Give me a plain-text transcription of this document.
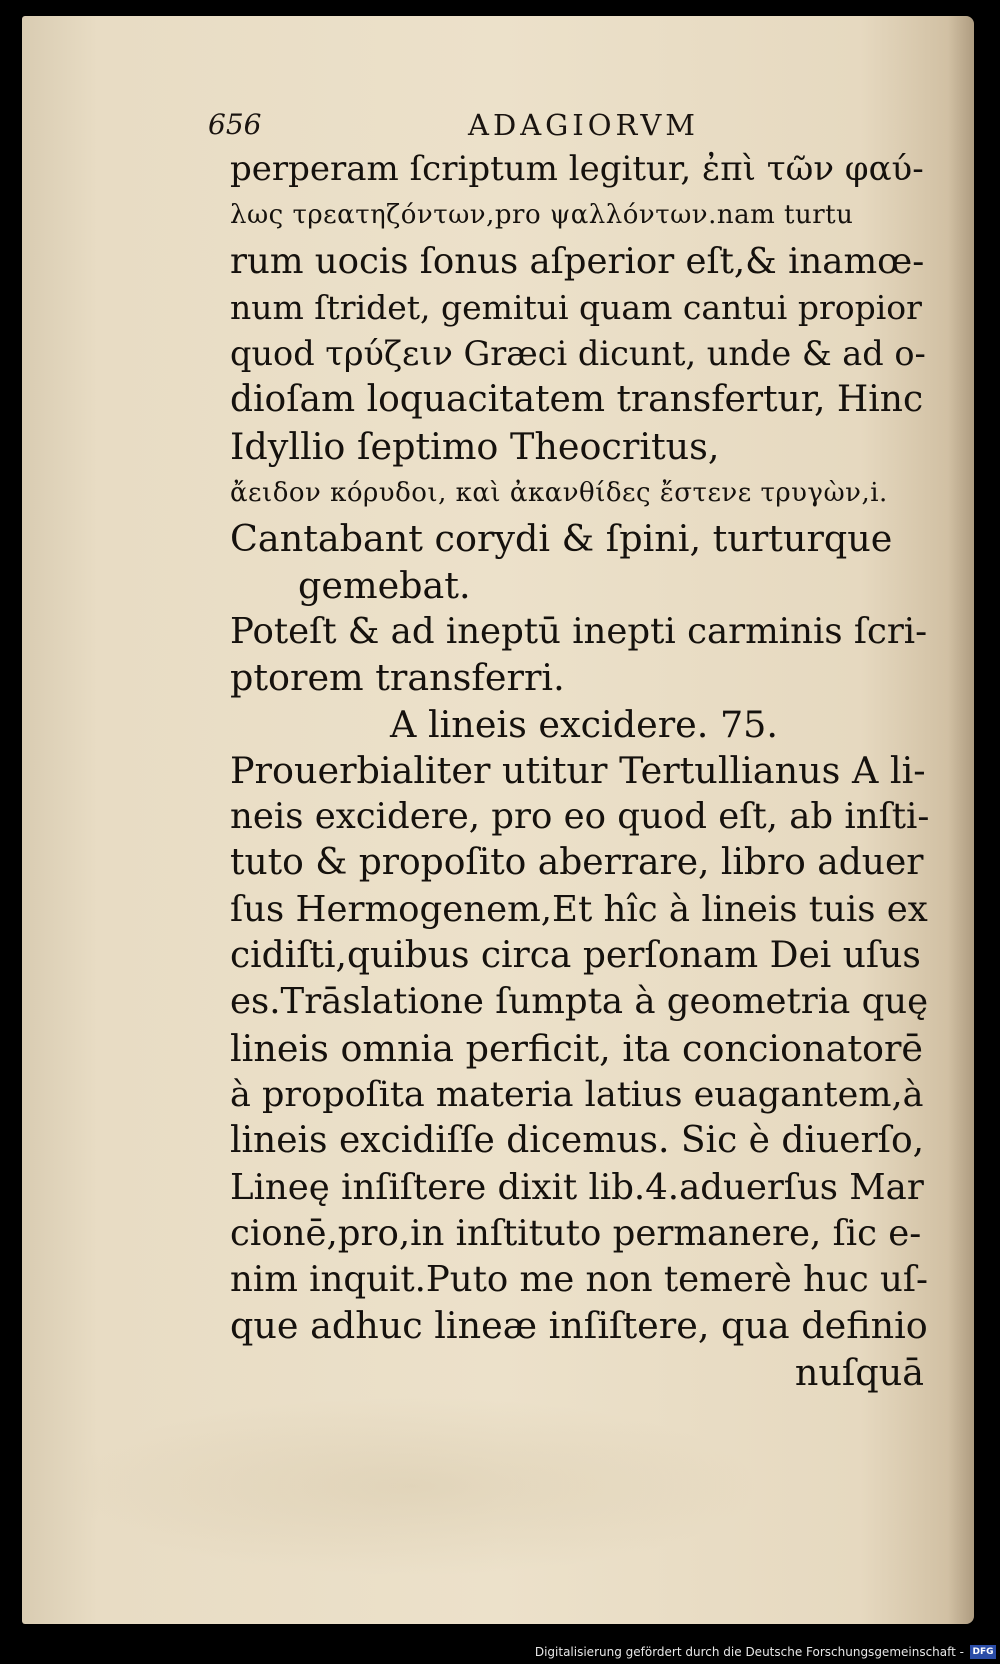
656	ADAGIORVM
perperam ſcriptum legitur, ἐπὶ τῶν φαύ-
λως τρεατηζόντων,pro ψαλλόντων.nam turtu
rum uocis ſonus aſperior eſt,& inamœ-
num ſtridet, gemitui quam cantui propior
quod τρύζειν Græci dicunt, unde & ad o-
dioſam loquacitatem transfertur, Hinc
Idyllio ſeptimo Theocritus,
ἄειδον κόρυδοι, καὶ ἀκανθίδες ἔστενε τρυγὼν,i.
Cantabant corydi & ſpini, turturque
gemebat.
Poteſt & ad ineptū inepti carminis ſcri-
ptorem transferri.
A lineis excidere. 75.
Prouerbialiter utitur Tertullianus A li-
neis excidere, pro eo quod eſt, ab inſti-
tuto & propoſito aberrare, libro aduer
ſus Hermogenem,Et hîc à lineis tuis ex
cidiſti,quibus circa perſonam Dei uſus
es.Trāslatione ſumpta à geometria quę
lineis omnia perficit, ita concionatorē
à propoſita materia latius euagantem,à
lineis excidiſſe dicemus. Sic è diuerſo,
Lineę inſiſtere dixit lib.4.aduerſus Mar
cionē,pro,in inſtituto permanere, ſic e-
nim inquit.Puto me non temerè huc uſ-
que adhuc lineæ inſiſtere, qua definio
nuſquā
Digitalisierung gefördert durch die Deutsche Forschungsgemeinschaft - DFG
